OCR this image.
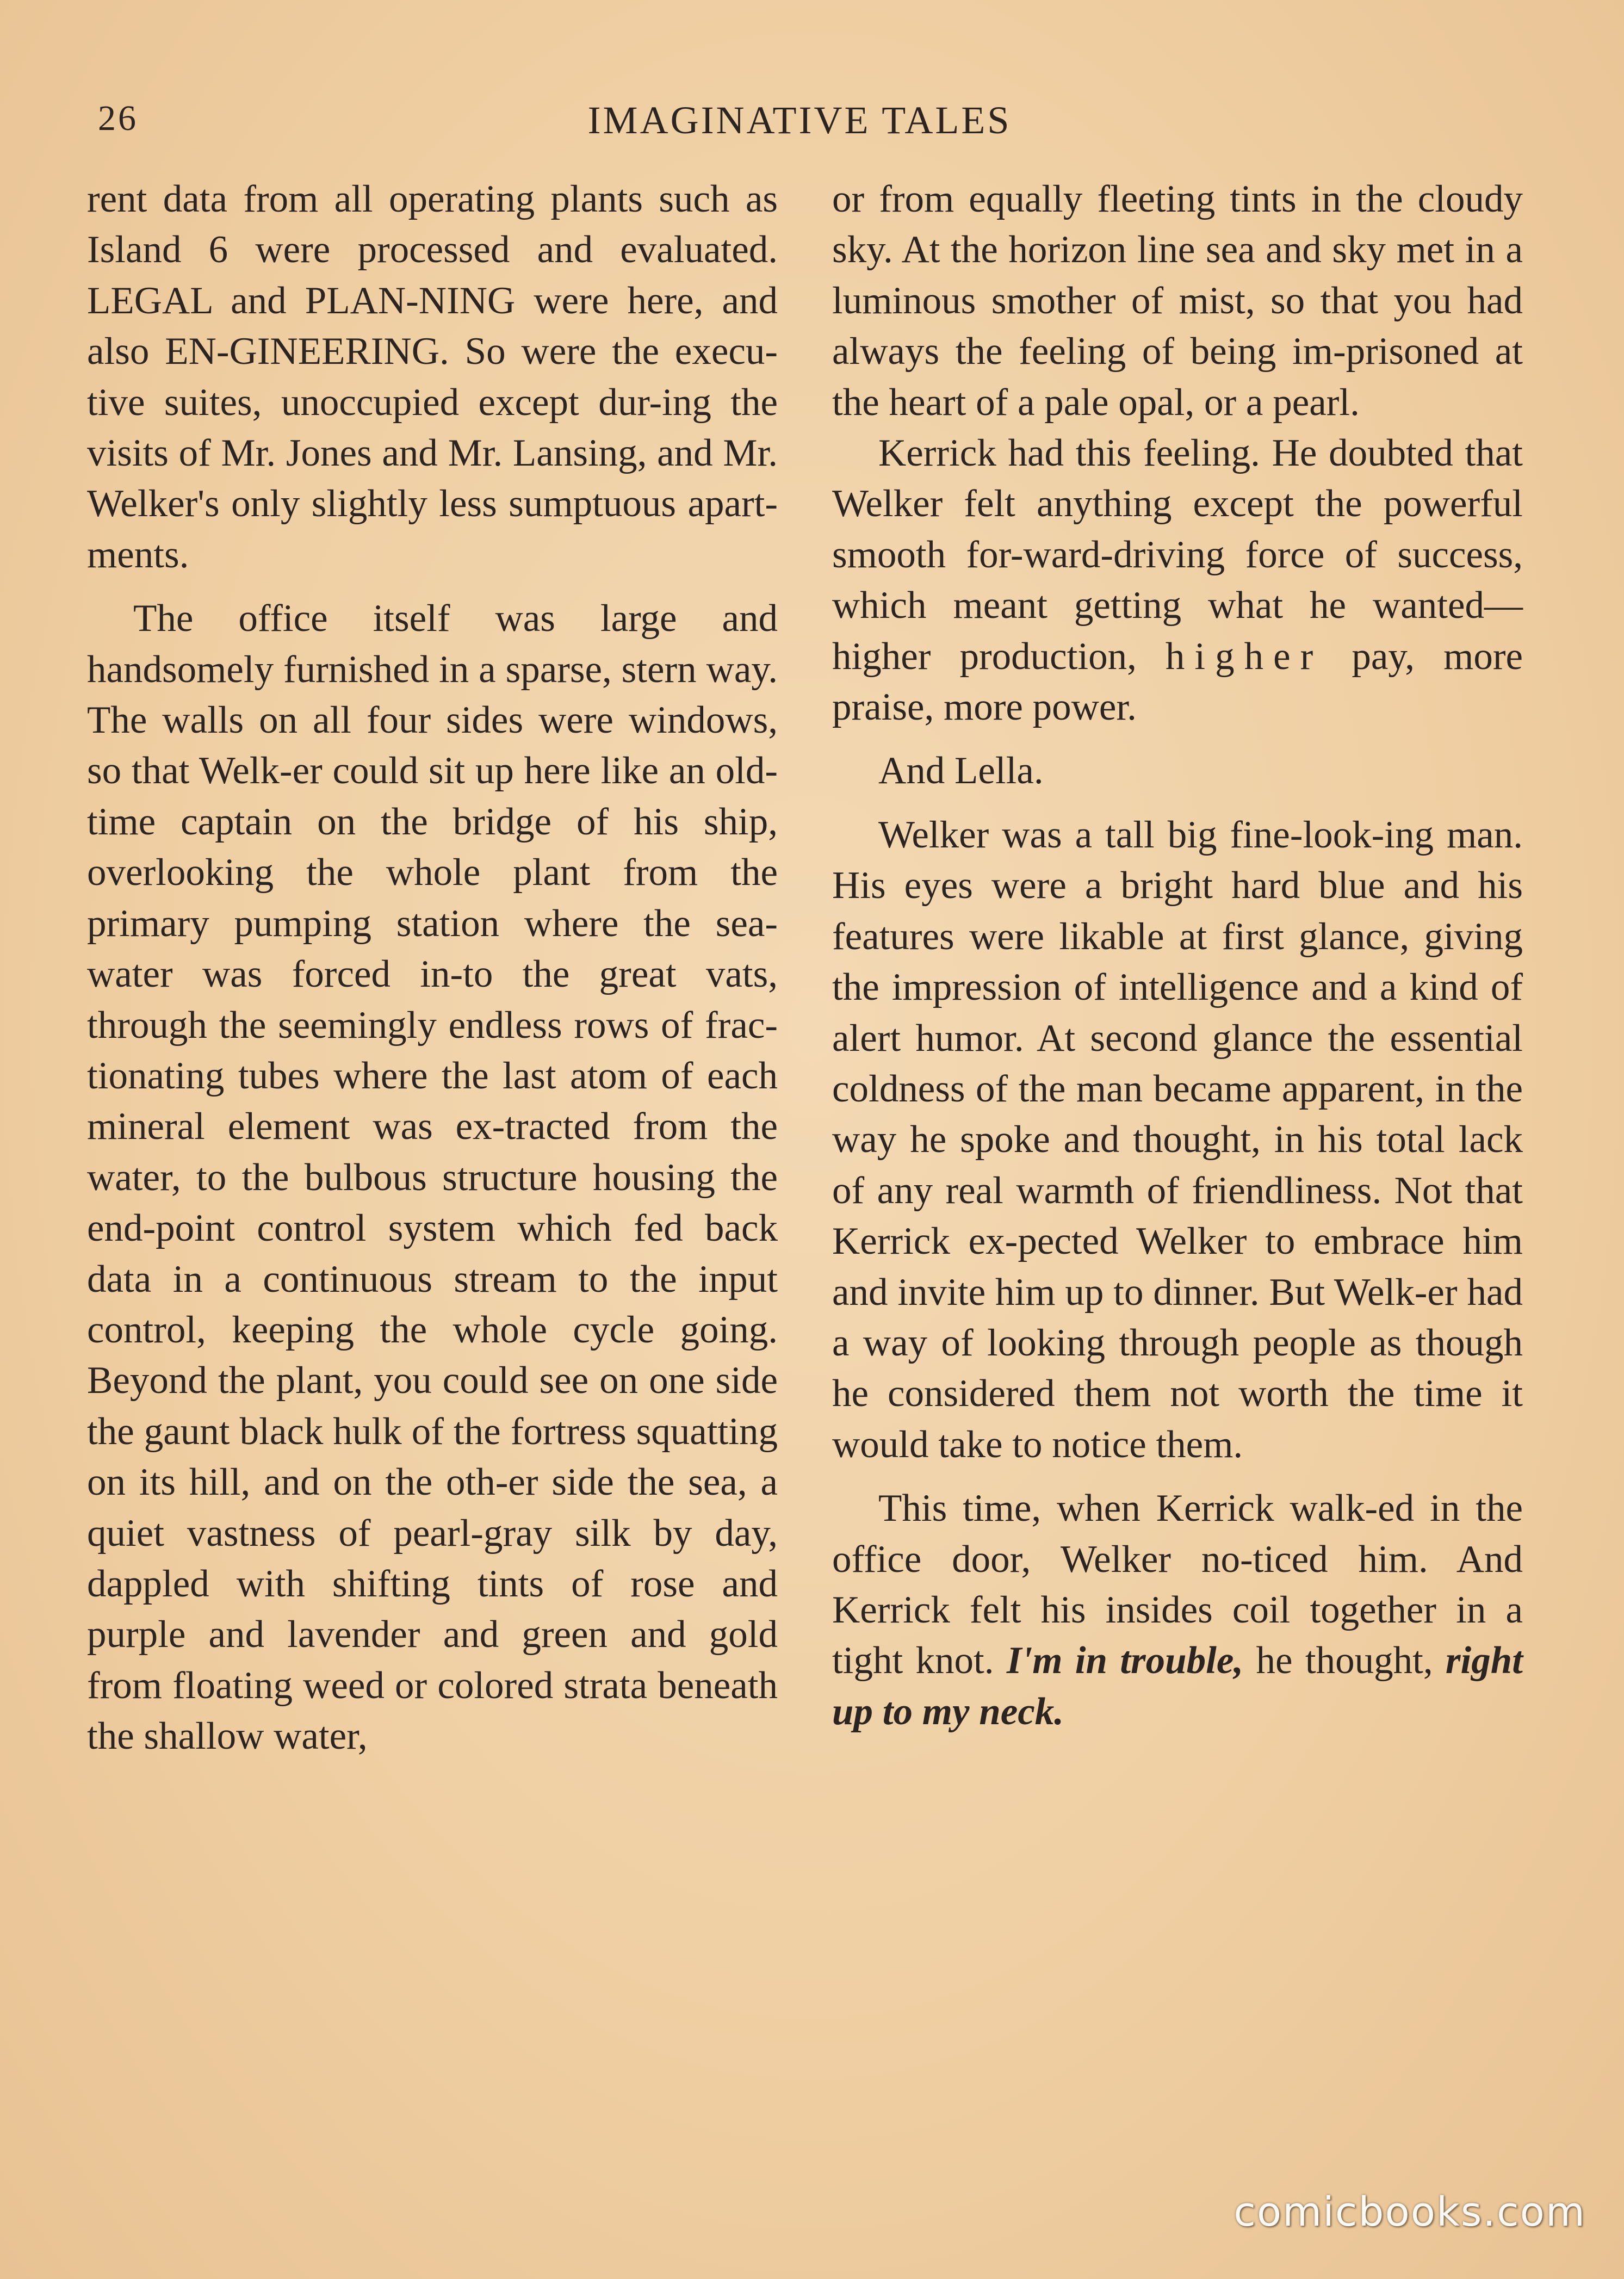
26	IMAGINATIVE TALES

rent data from all operating plants such as Island 6 were processed and evaluated. LEGAL and PLAN-NING were here, and also EN-GINEERING. So were the execu-tive suites, unoccupied except dur-ing the visits of Mr. Jones and Mr. Lansing, and Mr. Welker's only slightly less sumptuous apart-ments.

The office itself was large and handsomely furnished in a sparse, stern way. The walls on all four sides were windows, so that Welk-er could sit up here like an old-time captain on the bridge of his ship, overlooking the whole plant from the primary pumping station where the sea-water was forced in-to the great vats, through the seemingly endless rows of frac-tionating tubes where the last atom of each mineral element was ex-tracted from the water, to the bulbous structure housing the end-point control system which fed back data in a continuous stream to the input control, keeping the whole cycle going. Beyond the plant, you could see on one side the gaunt black hulk of the fortress squatting on its hill, and on the oth-er side the sea, a quiet vastness of pearl-gray silk by day, dappled with shifting tints of rose and purple and lavender and green and gold from floating weed or colored strata beneath the shallow water,

or from equally fleeting tints in the cloudy sky. At the horizon line sea and sky met in a luminous smother of mist, so that you had always the feeling of being im-prisoned at the heart of a pale opal, or a pearl.

Kerrick had this feeling. He doubted that Welker felt anything except the powerful smooth for-ward-driving force of success, which meant getting what he wanted— higher production, higher pay, more praise, more power.

And Lella.

Welker was a tall big fine-look-ing man. His eyes were a bright hard blue and his features were likable at first glance, giving the impression of intelligence and a kind of alert humor. At second glance the essential coldness of the man became apparent, in the way he spoke and thought, in his total lack of any real warmth of friendliness. Not that Kerrick ex-pected Welker to embrace him and invite him up to dinner. But Welk-er had a way of looking through people as though he considered them not worth the time it would take to notice them.

This time, when Kerrick walk-ed in the office door, Welker no-ticed him. And Kerrick felt his insides coil together in a tight knot. I'm in trouble, he thought, right up to my neck.

comicbooks.com
